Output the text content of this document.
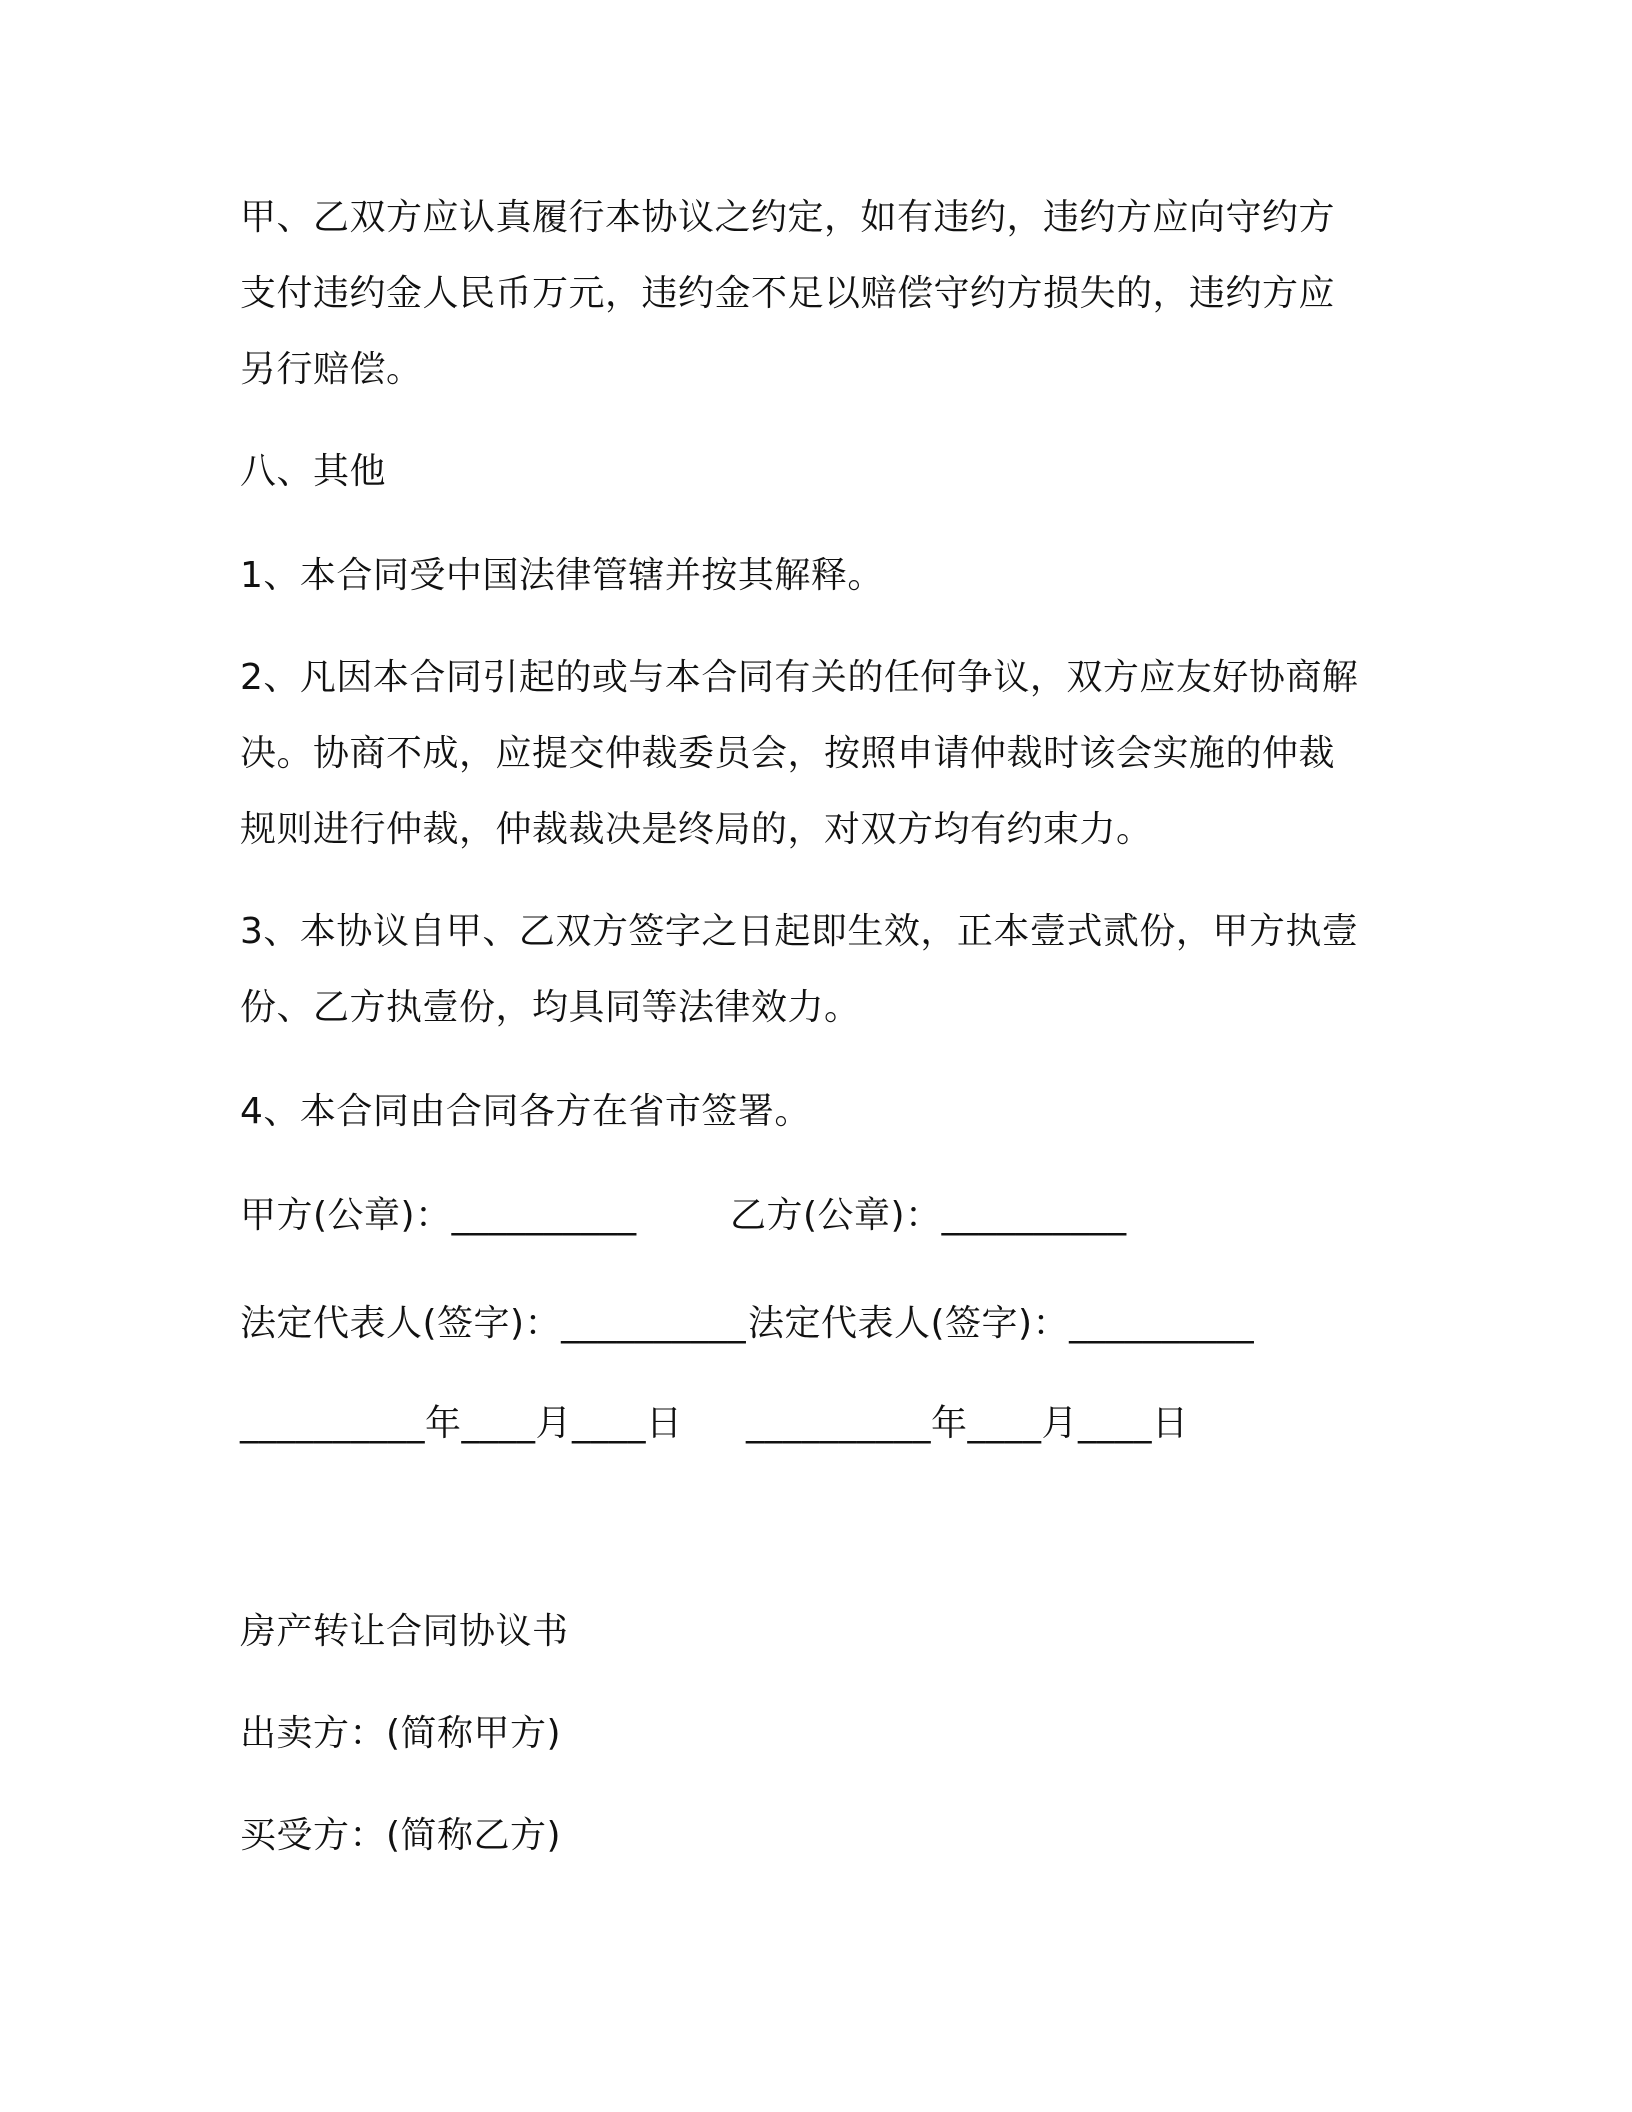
甲、乙双方应认真履行本协议之约定，如有违约，违约方应向守约方
支付违约金人民币万元，违约金不足以赔偿守约方损失的，违约方应
另行赔偿。
八、其他
1、本合同受中国法律管辖并按其解释。
2、凡因本合同引起的或与本合同有关的任何争议，双方应友好协商解
决。协商不成，应提交仲裁委员会，按照申请仲裁时该会实施的仲裁
规则进行仲裁，仲裁裁决是终局的，对双方均有约束力。
3、本协议自甲、乙双方签字之日起即生效，正本壹式贰份，甲方执壹
份、乙方执壹份，均具同等法律效力。
4、本合同由合同各方在省市签署。
甲方(公章)：__________	乙方(公章)：__________
法定代表人(签字)：__________ 法定代表人(签字)：__________
__________年____月____日 __________年____月____日
房产转让合同协议书
出卖方：(简称甲方)
买受方：(简称乙方)
